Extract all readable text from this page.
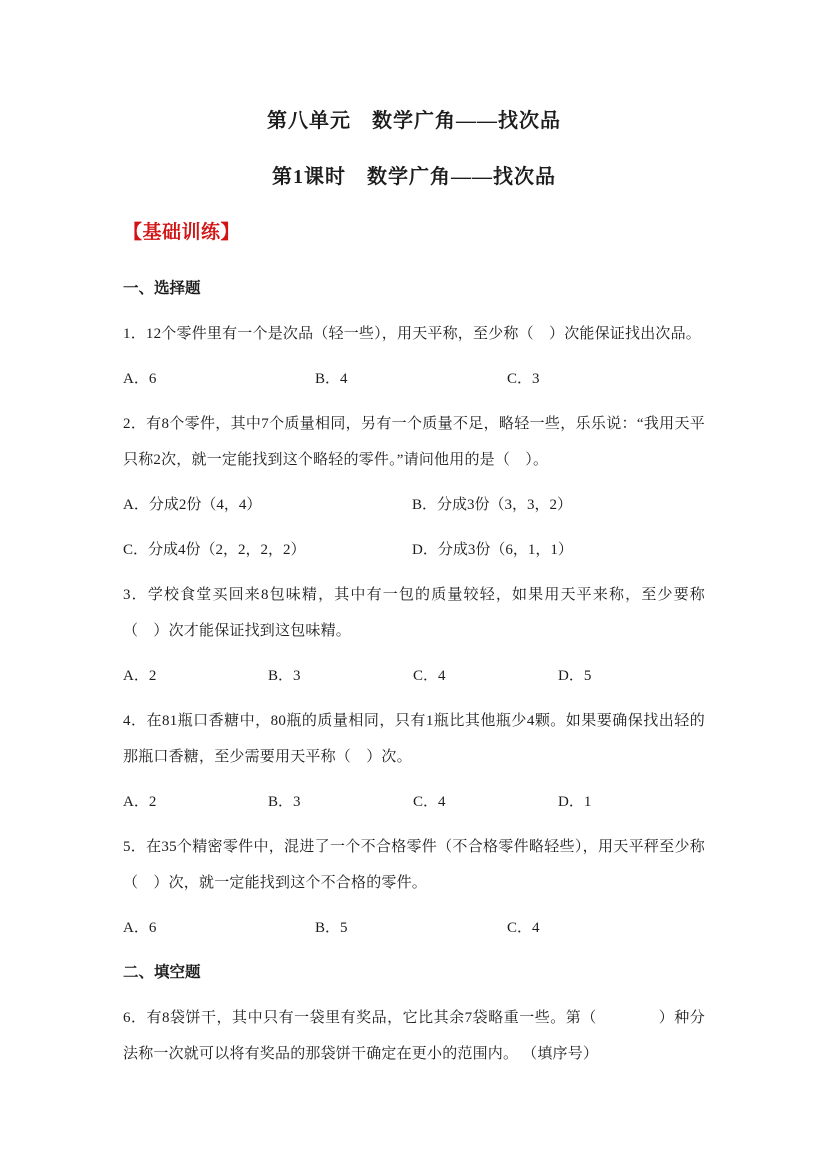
第八单元　数学广角——找次品
第1课时　数学广角——找次品
【基础训练】
一、选择题

1．12个零件里有一个是次品（轻一些），用天平称，至少称（　）次能保证找出次品。

A．6	B．4	C．3

2．有8个零件，其中7个质量相同，另有一个质量不足，略轻一些，乐乐说：“我用天平只称2次，就一定能找到这个略轻的零件。”请问他用的是（　）。

A．分成2份（4，4）	B．分成3份（3，3，2）
C．分成4份（2，2，2，2）	D．分成3份（6，1，1）

3．学校食堂买回来8包味精，其中有一包的质量较轻，如果用天平来称，至少要称（　）次才能保证找到这包味精。

A．2	B．3	C．4	D．5

4．在81瓶口香糖中，80瓶的质量相同，只有1瓶比其他瓶少4颗。如果要确保找出轻的那瓶口香糖，至少需要用天平称（　）次。

A．2	B．3	C．4	D．1

5．在35个精密零件中，混进了一个不合格零件（不合格零件略轻些），用天平秤至少称（　）次，就一定能找到这个不合格的零件。

A．6	B．5	C．4
二、填空题

6．有8袋饼干，其中只有一袋里有奖品，它比其余7袋略重一些。第（　　　　）种分法称一次就可以将有奖品的那袋饼干确定在更小的范围内。 （填序号）
